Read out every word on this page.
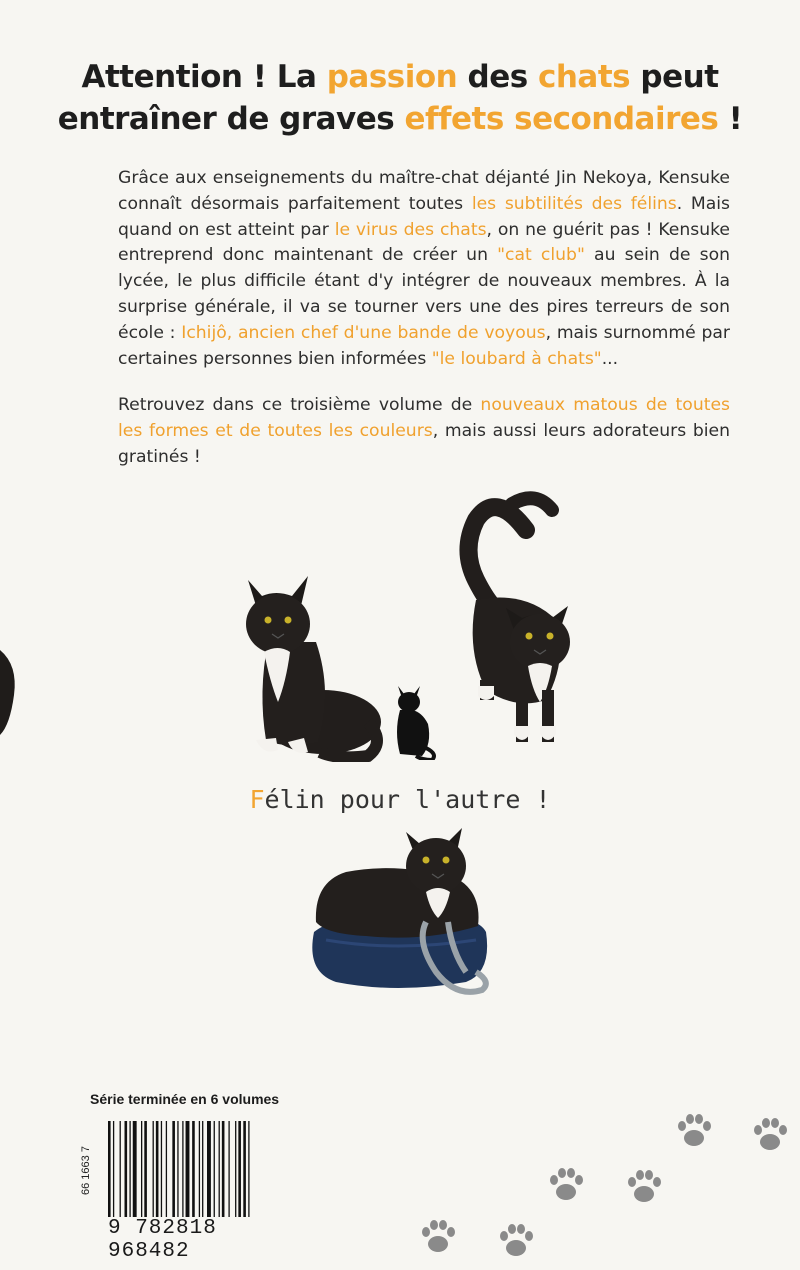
Attention ! La passion des chats peut
entraîner de graves effets secondaires !
Grâce aux enseignements du maître-chat déjanté Jin Nekoya, Kensuke connaît désormais parfaitement toutes les subtilités des félins. Mais quand on est atteint par le virus des chats, on ne guérit pas ! Kensuke entreprend donc maintenant de créer un "cat club" au sein de son lycée, le plus difficile étant d'y intégrer de nouveaux membres. À la surprise générale, il va se tourner vers une des pires terreurs de son école : Ichijô, ancien chef d'une bande de voyous, mais surnommé par certaines personnes bien informées "le loubard à chats"...
Retrouvez dans ce troisième volume de nouveaux matous de toutes les formes et de toutes les couleurs, mais aussi leurs adorateurs bien gratinés !
Félin pour l'autre !
Série terminée en 6 volumes
66 1663 7
9 782818 968482
